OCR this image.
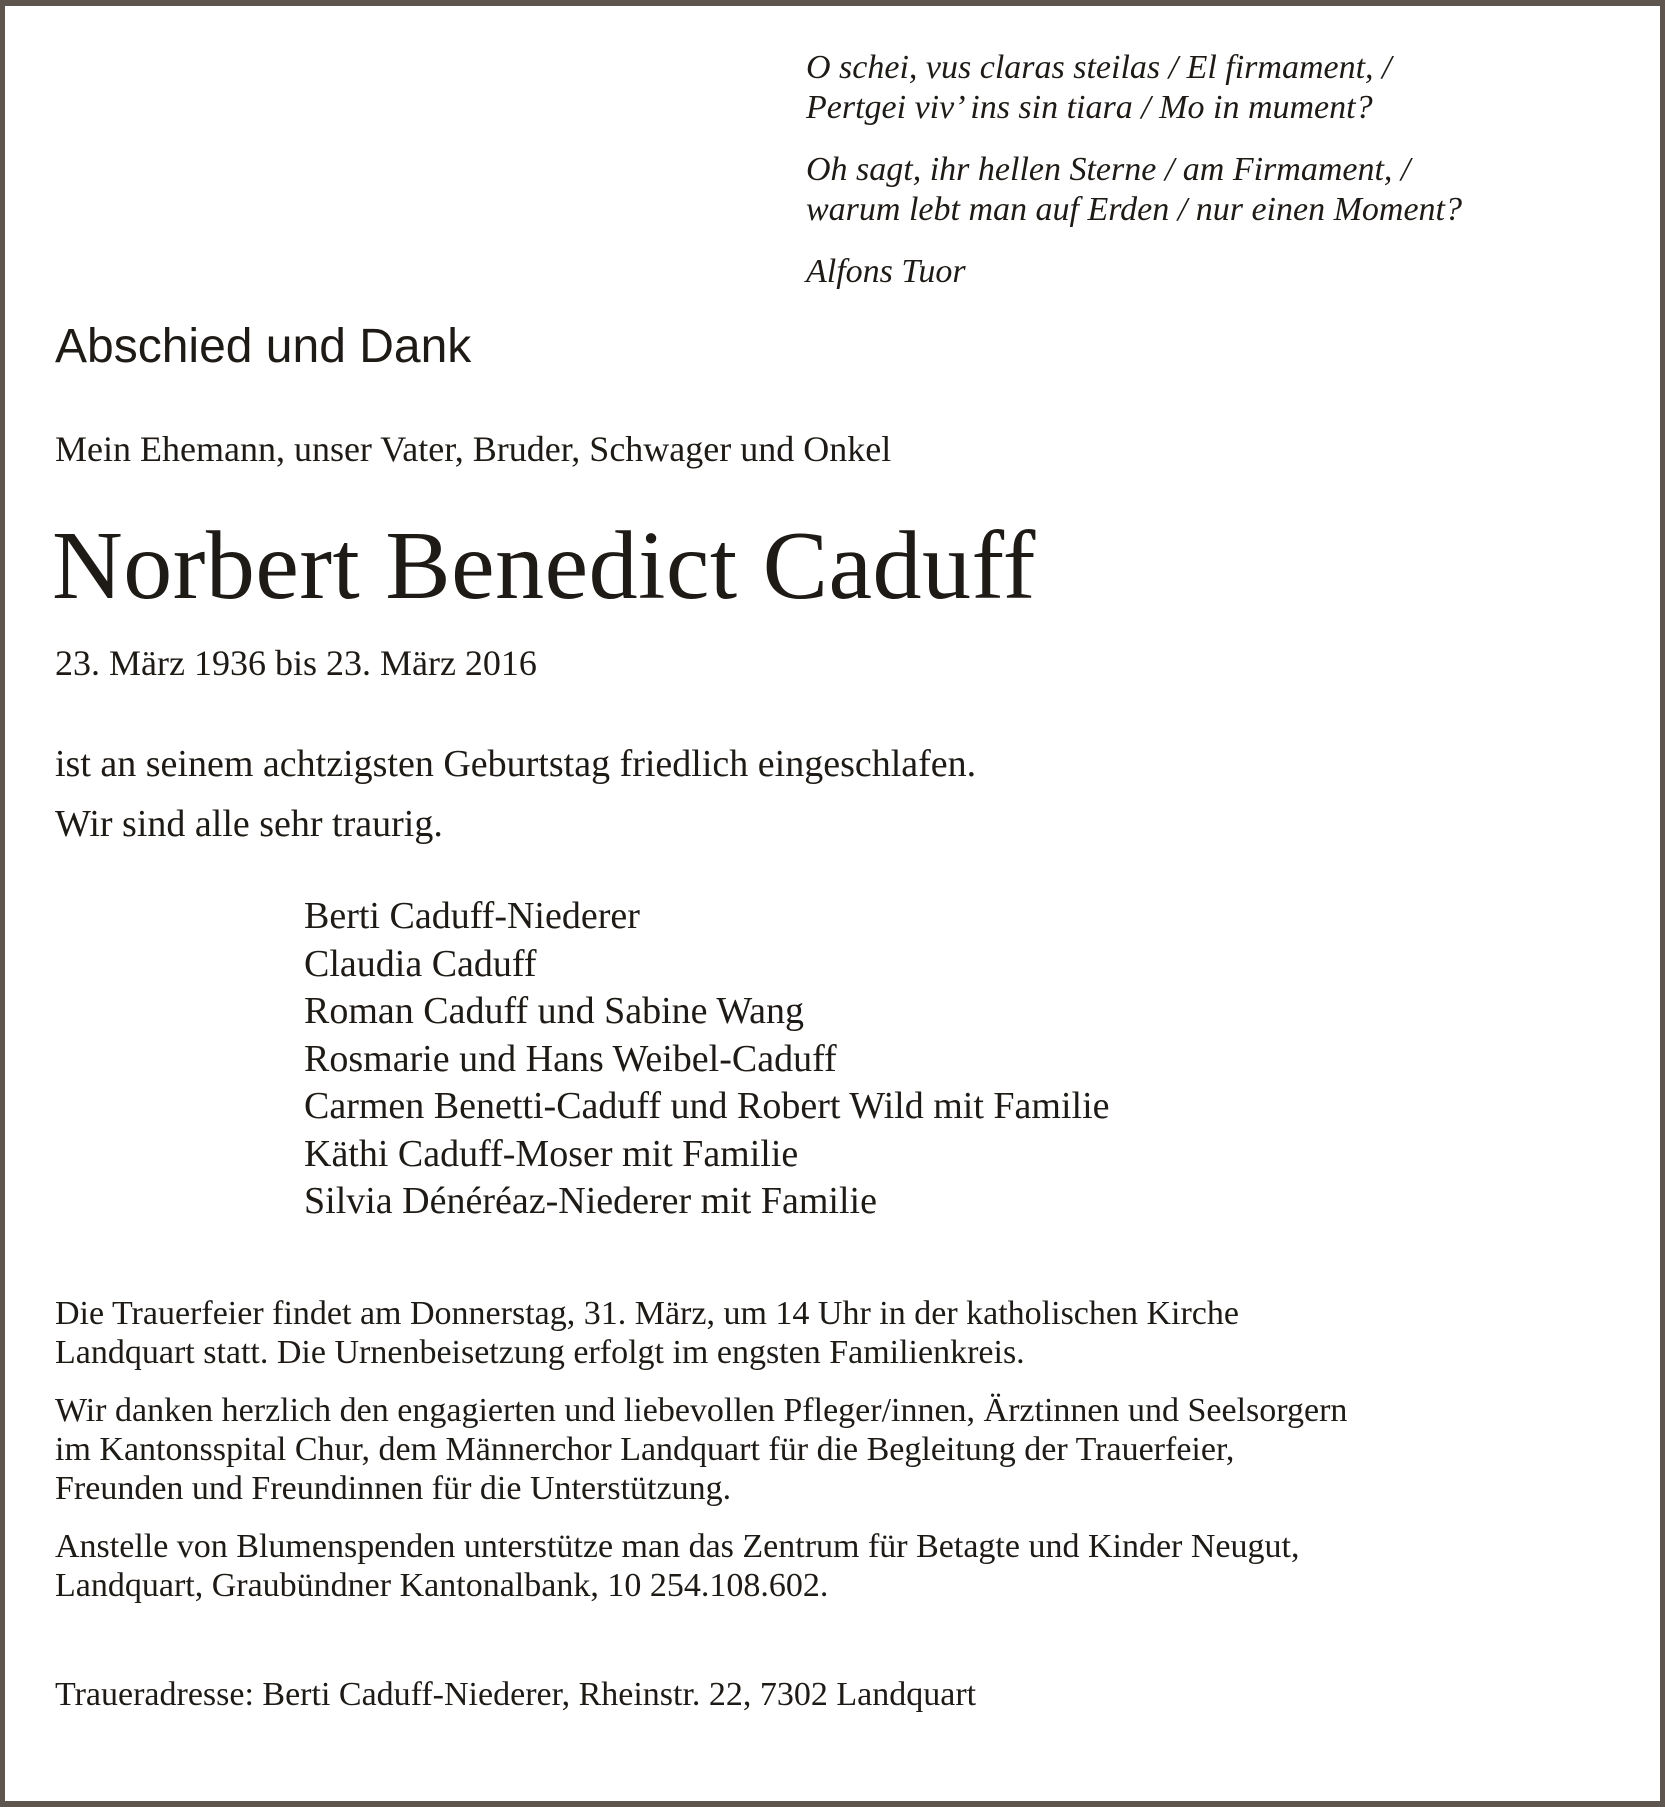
O schei, vus claras steilas / El firmament, /
Pertgei viv’ ins sin tiara / Mo in mument?
Oh sagt, ihr hellen Sterne / am Firmament, /
warum lebt man auf Erden / nur einen Moment?
Alfons Tuor
Abschied und Dank
Mein Ehemann, unser Vater, Bruder, Schwager und Onkel
Norbert Benedict Caduff
23. März 1936 bis 23. März 2016
ist an seinem achtzigsten Geburtstag friedlich eingeschlafen.
Wir sind alle sehr traurig.
Berti Caduff-Niederer
Claudia Caduff
Roman Caduff und Sabine Wang
Rosmarie und Hans Weibel-Caduff
Carmen Benetti-Caduff und Robert Wild mit Familie
Käthi Caduff-Moser mit Familie
Silvia Dénéréaz-Niederer mit Familie

Die Trauerfeier findet am Donnerstag, 31. März, um 14 Uhr in der katholischen Kirche
Landquart statt. Die Urnenbeisetzung erfolgt im engsten Familienkreis.

Wir danken herzlich den engagierten und liebevollen Pfleger/innen, Ärztinnen und Seelsorgern
im Kantonsspital Chur, dem Männerchor Landquart für die Begleitung der Trauerfeier,
Freunden und Freundinnen für die Unterstützung.

Anstelle von Blumenspenden unterstütze man das Zentrum für Betagte und Kinder Neugut,
Landquart, Graubündner Kantonalbank, 10 254.108.602.

Traueradresse: Berti Caduff-Niederer, Rheinstr. 22, 7302 Landquart
